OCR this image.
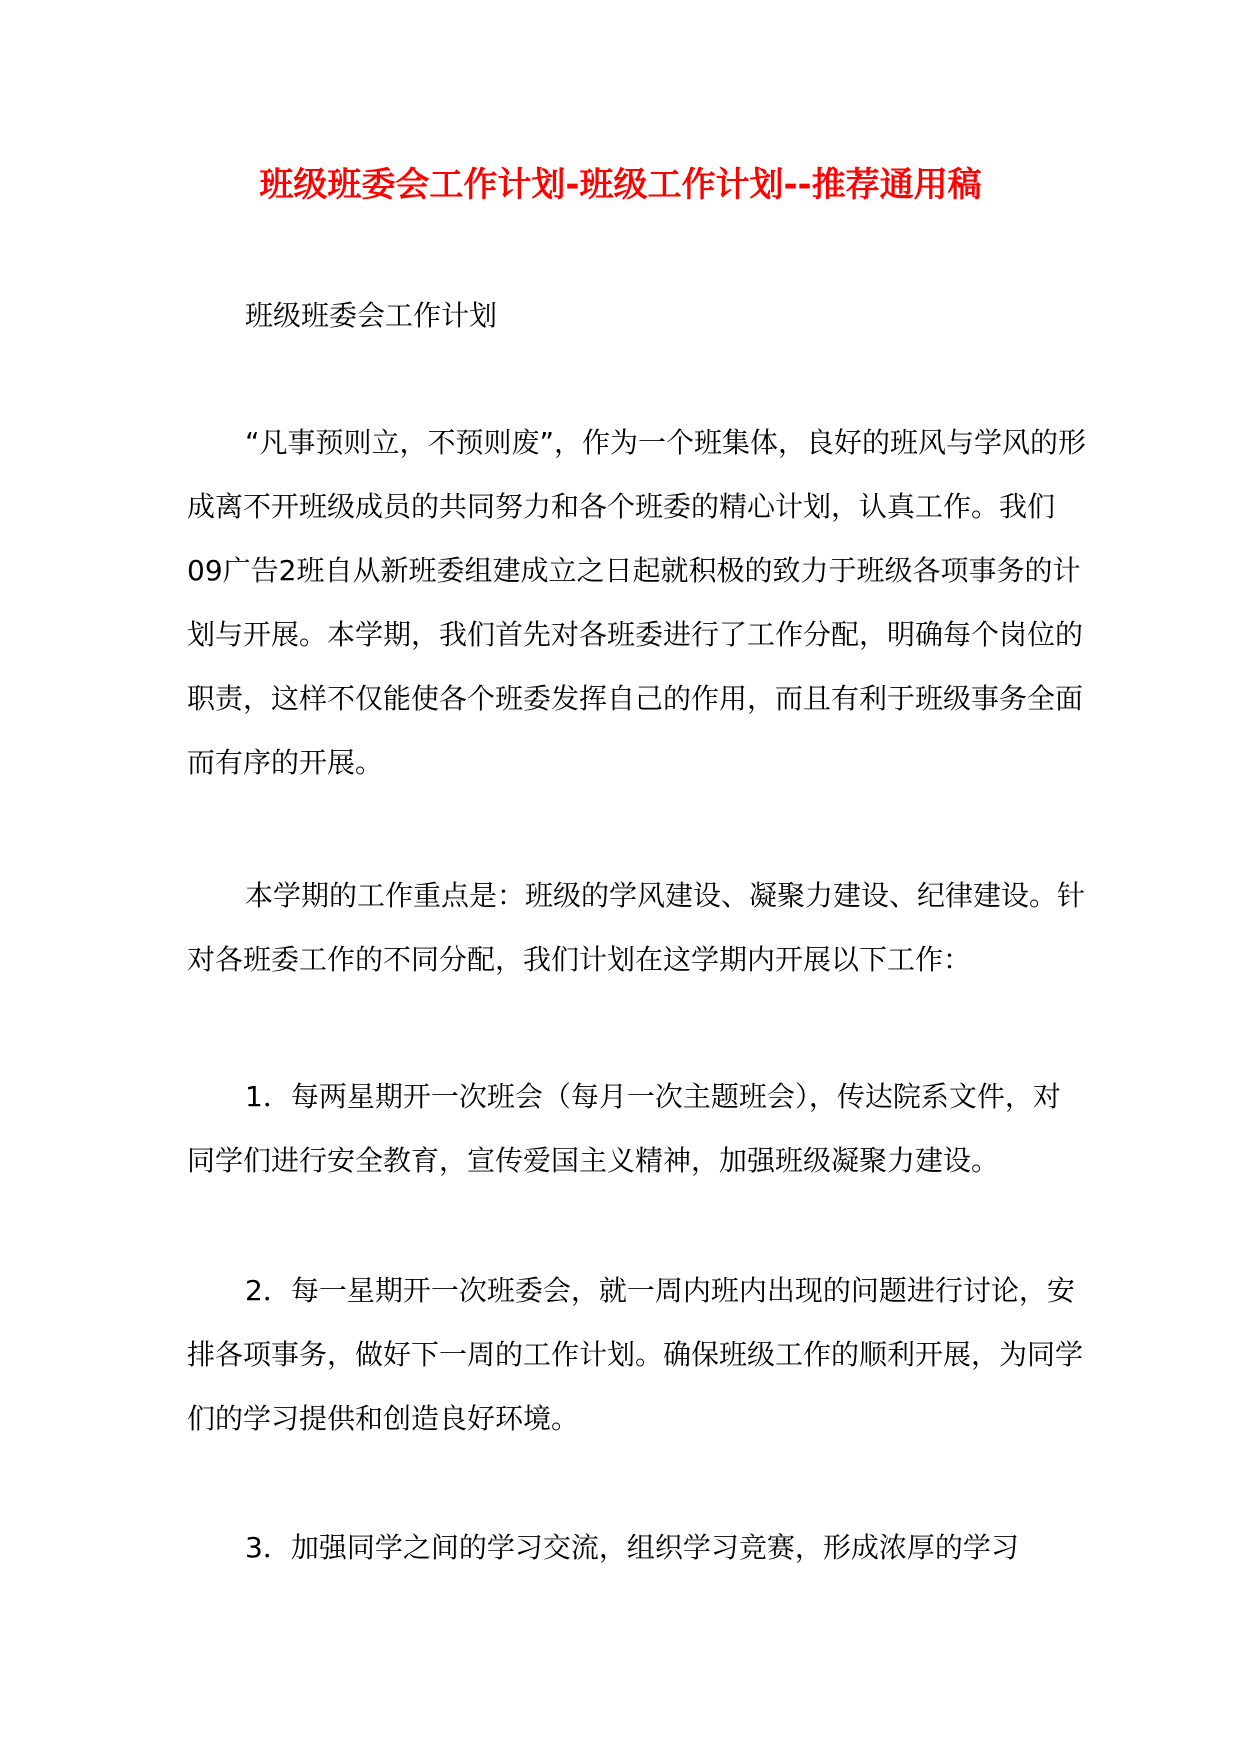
班级班委会工作计划-班级工作计划--推荐通用稿

班级班委会工作计划

“凡事预则立，不预则废”，作为一个班集体，良好的班风与学风的形成离不开班级成员的共同努力和各个班委的精心计划，认真工作。我们09广告2班自从新班委组建成立之日起就积极的致力于班级各项事务的计划与开展。本学期，我们首先对各班委进行了工作分配，明确每个岗位的职责，这样不仅能使各个班委发挥自己的作用，而且有利于班级事务全面而有序的开展。

本学期的工作重点是：班级的学风建设、凝聚力建设、纪律建设。针对各班委工作的不同分配，我们计划在这学期内开展以下工作：

1．每两星期开一次班会（每月一次主题班会），传达院系文件，对同学们进行安全教育，宣传爱国主义精神，加强班级凝聚力建设。

2．每一星期开一次班委会，就一周内班内出现的问题进行讨论，安排各项事务，做好下一周的工作计划。确保班级工作的顺利开展，为同学们的学习提供和创造良好环境。

3．加强同学之间的学习交流，组织学习竞赛，形成浓厚的学习
